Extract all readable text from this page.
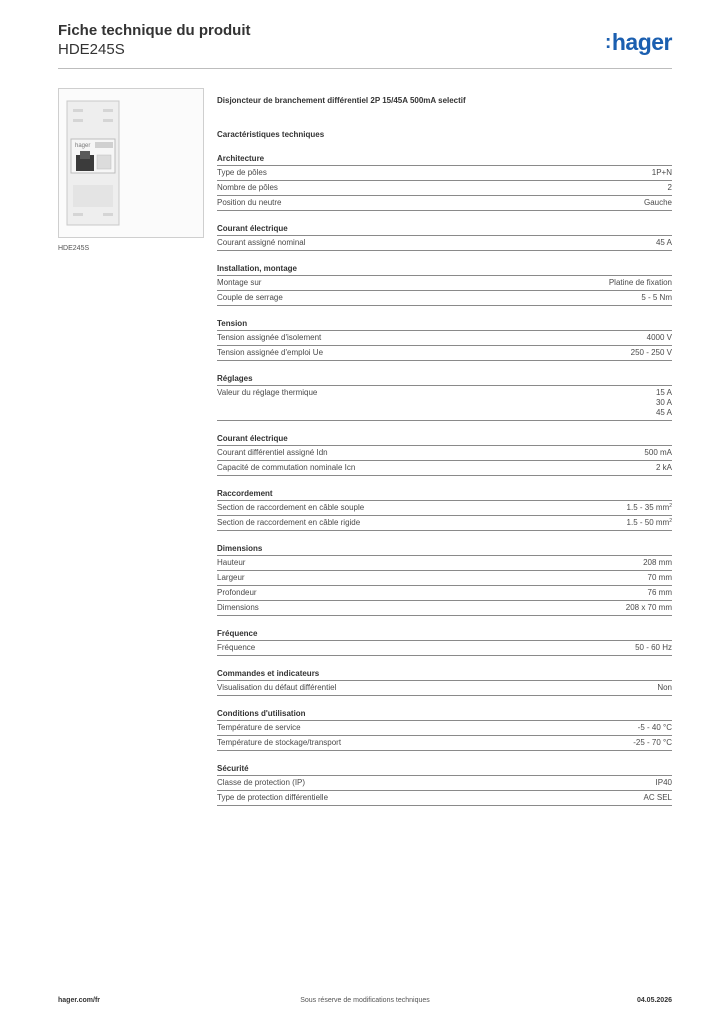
Fiche technique du produit
HDE245S	:hager
hager
HDE245S
Disjoncteur de branchement différentiel 2P 15/45A 500mA selectif
Caractéristiques techniques
Architecture
Type de pôles	1P+N
Nombre de pôles	2
Position du neutre	Gauche
Courant électrique
Courant assigné nominal	45 A
Installation, montage
Montage sur	Platine de fixation
Couple de serrage	5 - 5 Nm
Tension
Tension assignée d'isolement	4000 V
Tension assignée d'emploi Ue	250 - 250 V
Réglages
Valeur du réglage thermique	15 A
30 A
45 A
Courant électrique
Courant différentiel assigné Idn	500 mA
Capacité de commutation nominale Icn	2 kA
Raccordement
Section de raccordement en câble souple	1.5 - 35 $mm^2$
Section de raccordement en câble rigide	1.5 - 50 $mm^2$
Dimensions
Hauteur	208 mm
Largeur	70 mm
Profondeur	76 mm
Dimensions	208 x 70 mm
Fréquence
Fréquence	50 - 60 Hz
Commandes et indicateurs
Visualisation du défaut différentiel	Non
Conditions d'utilisation
Température de service	-5 - 40 °C
Température de stockage/transport	-25 - 70 °C
Sécurité
Classe de protection (IP)	IP40
Type de protection différentielle	AC SEL
hager.com/fr	Sous réserve de modifications techniques	04.05.2026
